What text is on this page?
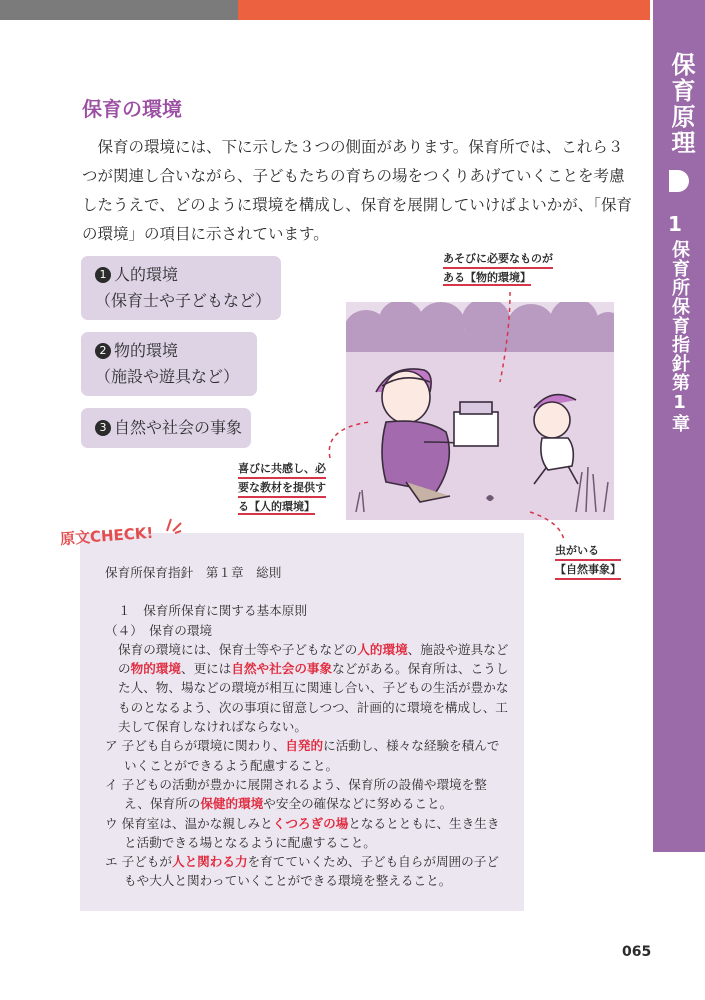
保育原理
1
保育所保育指針第1章
保育の環境
　保育の環境には、下に示した３つの側面があります。保育所では、これら３つが関連し合いながら、子どもたちの育ちの場をつくりあげていくことを考慮したうえで、どのように環境を構成し、保育を展開していけばよいかが、「保育の環境」の項目に示されています。
1 人的環境
（保育士や子どもなど）
2 物的環境
（施設や遊具など）
3 自然や社会の事象
あそびに必要なものが
ある【物的環境】
喜びに共感し、必
要な教材を提供す
る【人的環境】
虫がいる
【自然事象】
原文CHECK!

保育所保育指針　第１章　総則

１　保育所保育に関する基本原則

（４）　保育の環境

保育の環境には、保育士等や子どもなどの人的環境、施設や遊具などの物的環境、更には自然や社会の事象などがある。保育所は、こうした人、物、場などの環境が相互に関連し合い、子どもの生活が豊かなものとなるよう、次の事項に留意しつつ、計画的に環境を構成し、工夫して保育しなければならない。

ア 子ども自らが環境に関わり、自発的に活動し、様々な経験を積んでいくことができるよう配慮すること。

イ 子どもの活動が豊かに展開されるよう、保育所の設備や環境を整え、保育所の保健的環境や安全の確保などに努めること。

ウ 保育室は、温かな親しみとくつろぎの場となるとともに、生き生きと活動できる場となるように配慮すること。

エ 子どもが人と関わる力を育てていくため、子ども自らが周囲の子どもや大人と関わっていくことができる環境を整えること。

065
